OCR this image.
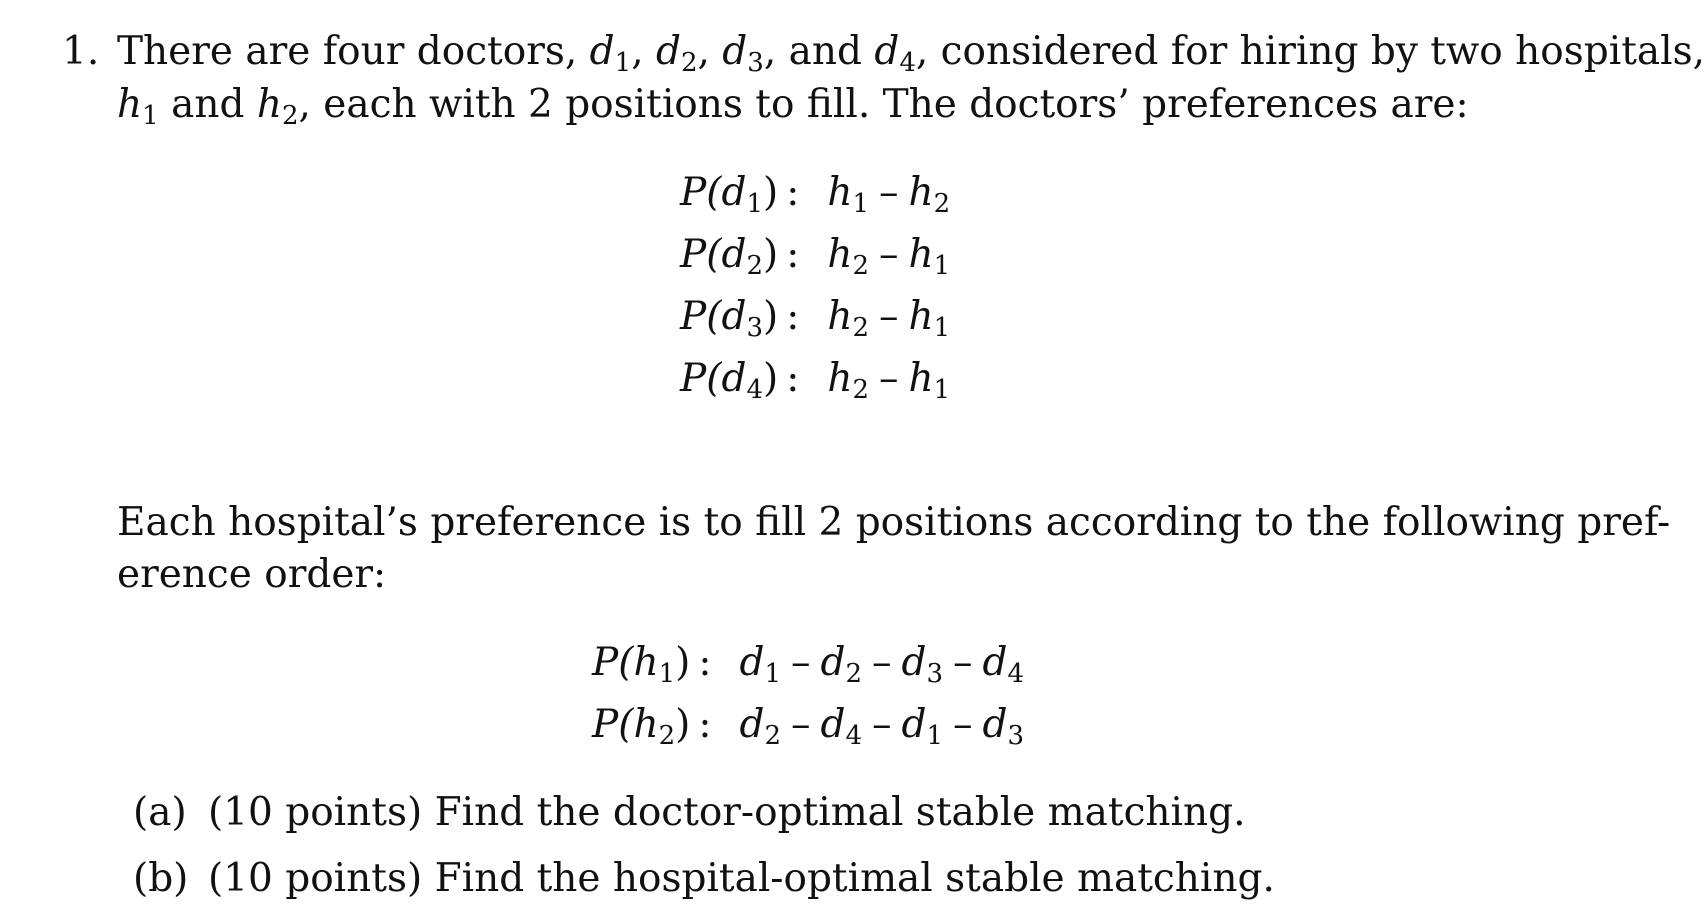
1. There are four doctors, $d_1$, $d_2$, $d_3$, and $d_4$, considered for hiring by two hospitals,
$h_1$ and $h_2$, each with 2 positions to fill. The doctors’ preferences are:
$P(d_1)$	:	$h_1 - h_2$
$P(d_2)$	:	$h_2 - h_1$
$P(d_3)$	:	$h_2 - h_1$
$P(d_4)$	:	$h_2 - h_1$
Each hospital’s preference is to fill 2 positions according to the following pref-
erence order:
$P(h_1)$	:	$d_1 - d_2 - d_3 - d_4$
$P(h_2)$	:	$d_2 - d_4 - d_1 - d_3$
(a) (10 points) Find the doctor-optimal stable matching.
(b) (10 points) Find the hospital-optimal stable matching.
